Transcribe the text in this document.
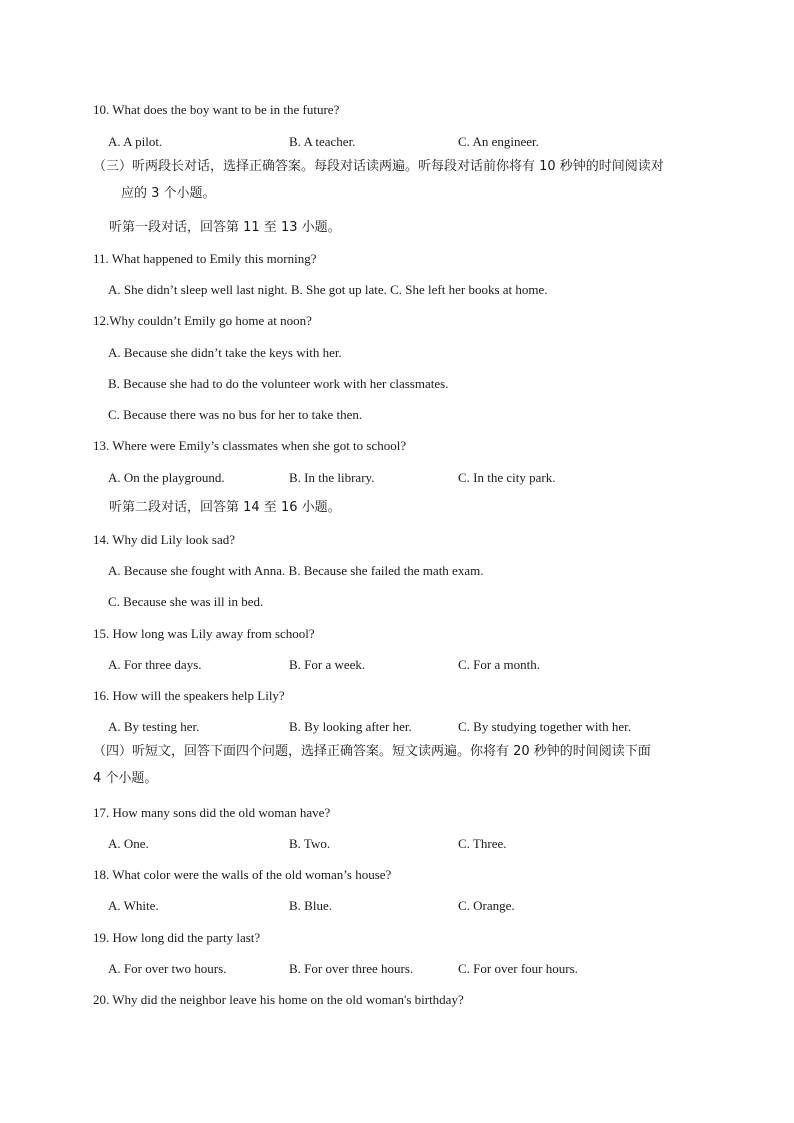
10. What does the boy want to be in the future?
A. A pilot.	B. A teacher.	C. An engineer.
（三）听两段长对话，选择正确答案。每段对话读两遍。听每段对话前你将有 10 秒钟的时间阅读对
应的 3 个小题。
听第一段对话，回答第 11 至 13 小题。
11. What happened to Emily this morning?
A. She didn’t sleep well last night. B. She got up late. C. She left her books at home.
12.Why couldn’t Emily go home at noon?
A. Because she didn’t take the keys with her.
B. Because she had to do the volunteer work with her classmates.
C. Because there was no bus for her to take then.
13. Where were Emily’s classmates when she got to school?
A. On the playground.	B. In the library.	C. In the city park.
听第二段对话，回答第 14 至 16 小题。
14. Why did Lily look sad?
A. Because she fought with Anna. B. Because she failed the math exam.
C. Because she was ill in bed.
15. How long was Lily away from school?
A. For three days.	B. For a week.	C. For a month.
16. How will the speakers help Lily?
A. By testing her.	B. By looking after her.	C. By studying together with her.
（四）听短文，回答下面四个问题，选择正确答案。短文读两遍。你将有 20 秒钟的时间阅读下面
4 个小题。
17. How many sons did the old woman have?
A. One.	B. Two.	C. Three.
18. What color were the walls of the old woman’s house?
A. White.	B. Blue.	C. Orange.
19. How long did the party last?
A. For over two hours.	B. For over three hours.	C. For over four hours.
20. Why did the neighbor leave his home on the old woman's birthday?
